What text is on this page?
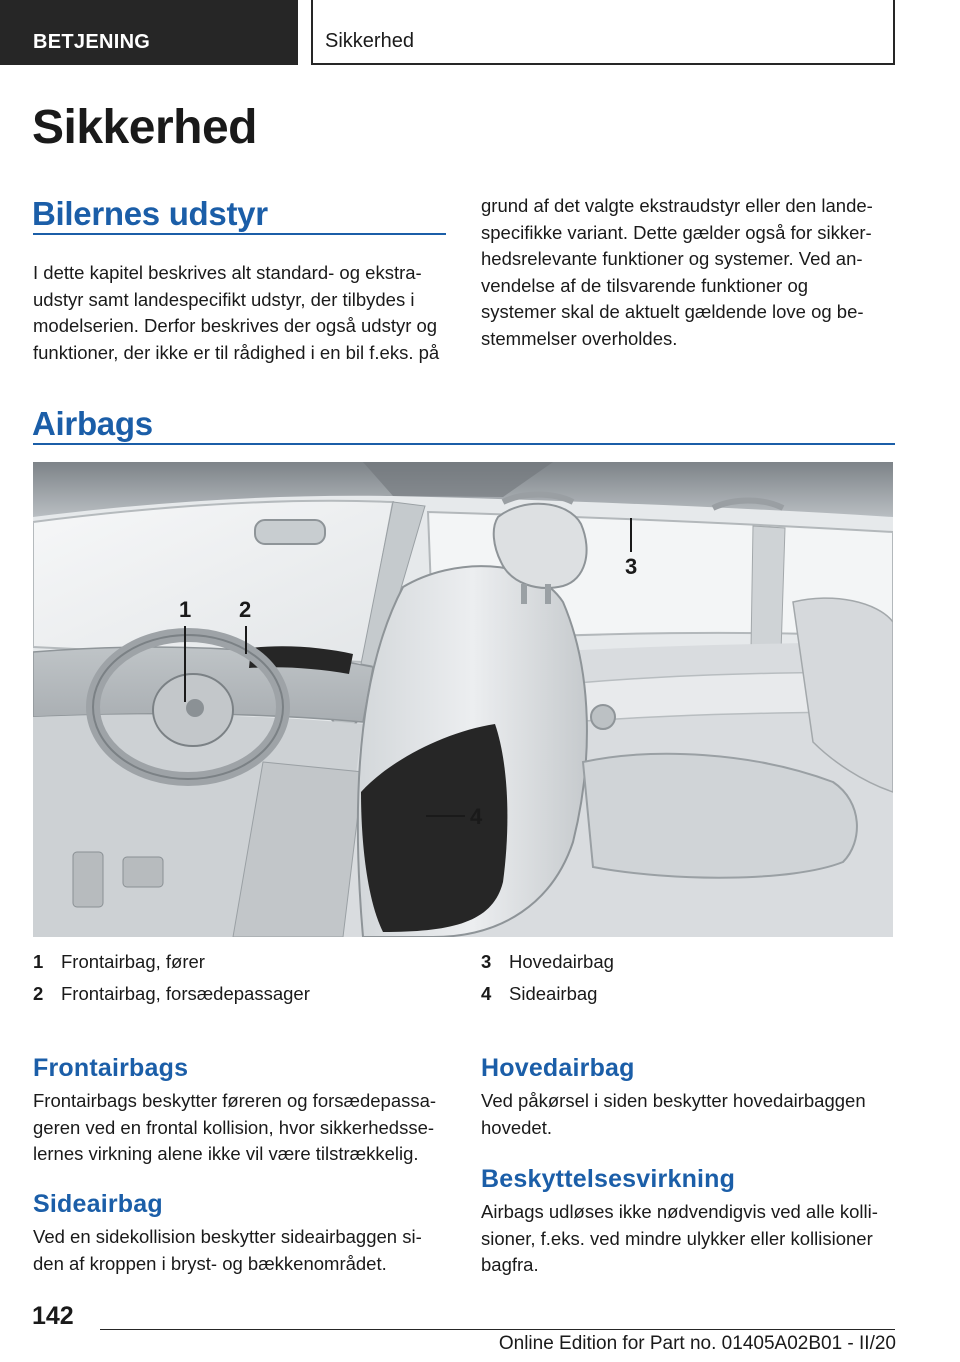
BETJENING	Sikkerhed
Sikkerhed
Bilernes udstyr
I dette kapitel beskrives alt standard- og ekstra-
udstyr samt landespecifikt udstyr, der tilbydes i
modelserien. Derfor beskrives der også udstyr og
funktioner, der ikke er til rådighed i en bil f.eks. på
grund af det valgte ekstraudstyr eller den lande-
specifikke variant. Dette gælder også for sikker-
hedsrelevante funktioner og systemer. Ved an-
vendelse af de tilsvarende funktioner og
systemer skal de aktuelt gældende love og be-
stemmelser overholdes.
Airbags
1 2
3
4
1 Frontairbag, fører
2 Frontairbag, forsædepassager
3 Hovedairbag
4 Sideairbag
Frontairbags
Frontairbags beskytter føreren og forsædepassa-
geren ved en frontal kollision, hvor sikkerhedsse-
lernes virkning alene ikke vil være tilstrækkelig.
Sideairbag
Ved en sidekollision beskytter sideairbaggen si-
den af kroppen i bryst- og bækkenområdet.
Hovedairbag
Ved påkørsel i siden beskytter hovedairbaggen
hovedet.
Beskyttelsesvirkning
Airbags udløses ikke nødvendigvis ved alle kolli-
sioner, f.eks. ved mindre ulykker eller kollisioner
bagfra.
142
Online Edition for Part no. 01405A02B01 - II/20
